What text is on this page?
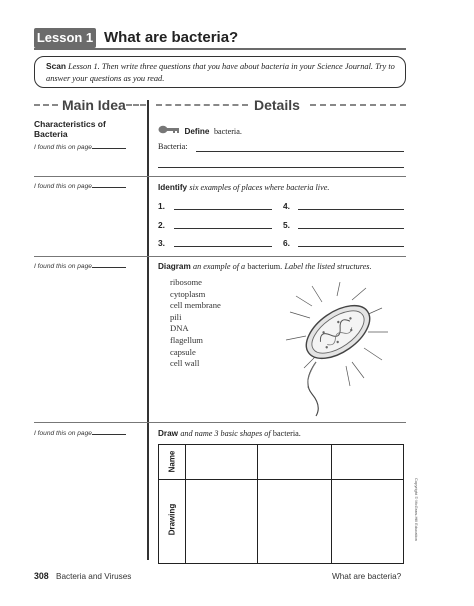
Lesson 1 What are bacteria?
Scan Lesson 1. Then write three questions that you have about bacteria in your Science Journal. Try to answer your questions as you read.
Main Idea	Details
Characteristics of Bacteria
I found this on page
I found this on page
I found this on page
I found this on page
Define bacteria.
Bacteria:
Identify six examples of places where bacteria live.
1.	4.
2.	5.
3.	6.
Diagram an example of a bacterium. Label the listed structures.
ribosome
cytoplasm
cell membrane
pili
DNA
flagellum
capsule
cell wall
Draw and name 3 basic shapes of bacteria.
Name
Drawing	Copyright © McGraw-Hill Education
308 Bacteria and Viruses	What are bacteria?
